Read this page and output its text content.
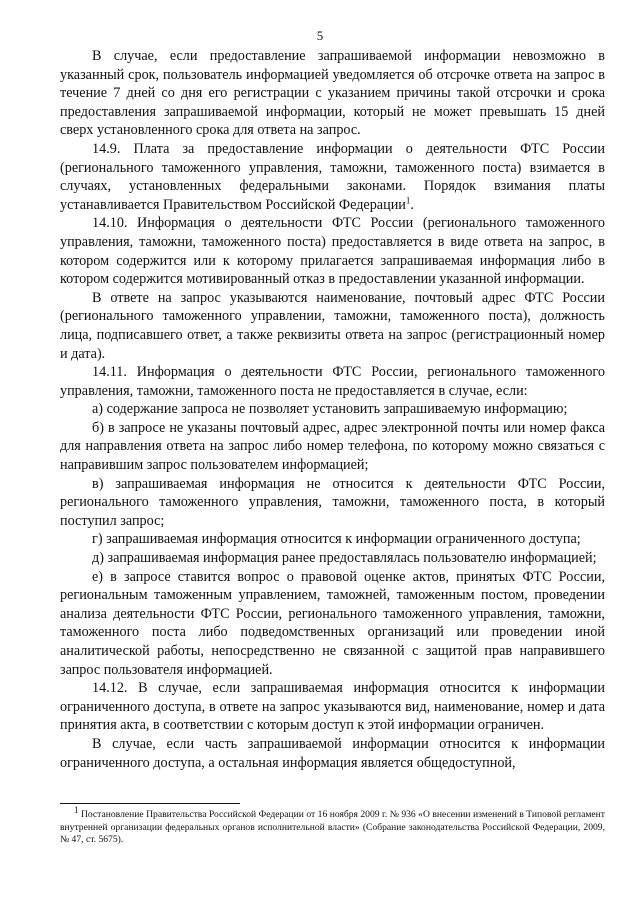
5

В случае, если предоставление запрашиваемой информации невозможно в указанный срок, пользователь информацией уведомляется об отсрочке ответа на запрос в течение 7 дней со дня его регистрации с указанием причины такой отсрочки и срока предоставления запрашиваемой информации, который не может превышать 15 дней сверх установленного срока для ответа на запрос.

14.9. Плата за предоставление информации о деятельности ФТС России (регионального таможенного управления, таможни, таможенного поста) взимается в случаях, установленных федеральными законами. Порядок взимания платы устанавливается Правительством Российской Федерации$^1$.

14.10. Информация о деятельности ФТС России (регионального таможенного управления, таможни, таможенного поста) предоставляется в виде ответа на запрос, в котором содержится или к которому прилагается запрашиваемая информация либо в котором содержится мотивированный отказ в предоставлении указанной информации.

В ответе на запрос указываются наименование, почтовый адрес ФТС России (регионального таможенного управлении, таможни, таможенного поста), должность лица, подписавшего ответ, а также реквизиты ответа на запрос (регистрационный номер и дата).

14.11. Информация о деятельности ФТС России, регионального таможенного управления, таможни, таможенного поста не предоставляется в случае, если:

а) содержание запроса не позволяет установить запрашиваемую информацию;

б) в запросе не указаны почтовый адрес, адрес электронной почты или номер факса для направления ответа на запрос либо номер телефона, по которому можно связаться с направившим запрос пользователем информацией;

в) запрашиваемая информация не относится к деятельности ФТС России, регионального таможенного управления, таможни, таможенного поста, в который поступил запрос;

г) запрашиваемая информация относится к информации ограниченного доступа;

д) запрашиваемая информация ранее предоставлялась пользователю информацией;

е) в запросе ставится вопрос о правовой оценке актов, принятых ФТС России, региональным таможенным управлением, таможней, таможенным постом, проведении анализа деятельности ФТС России, регионального таможенного управления, таможни, таможенного поста либо подведомственных организаций или проведении иной аналитической работы, непосредственно не связанной с защитой прав направившего запрос пользователя информацией.

14.12. В случае, если запрашиваемая информация относится к информации ограниченного доступа, в ответе на запрос указываются вид, наименование, номер и дата принятия акта, в соответствии с которым доступ к этой информации ограничен.

В случае, если часть запрашиваемой информации относится к информации ограниченного доступа, а остальная информация является общедоступной,

$^1$ Постановление Правительства Российской Федерации от 16 ноября 2009 г. № 936 «О внесении изменений в Типовой регламент внутренней организации федеральных органов исполнительной власти» (Собрание законодательства Российской Федерации, 2009, № 47, ст. 5675).
